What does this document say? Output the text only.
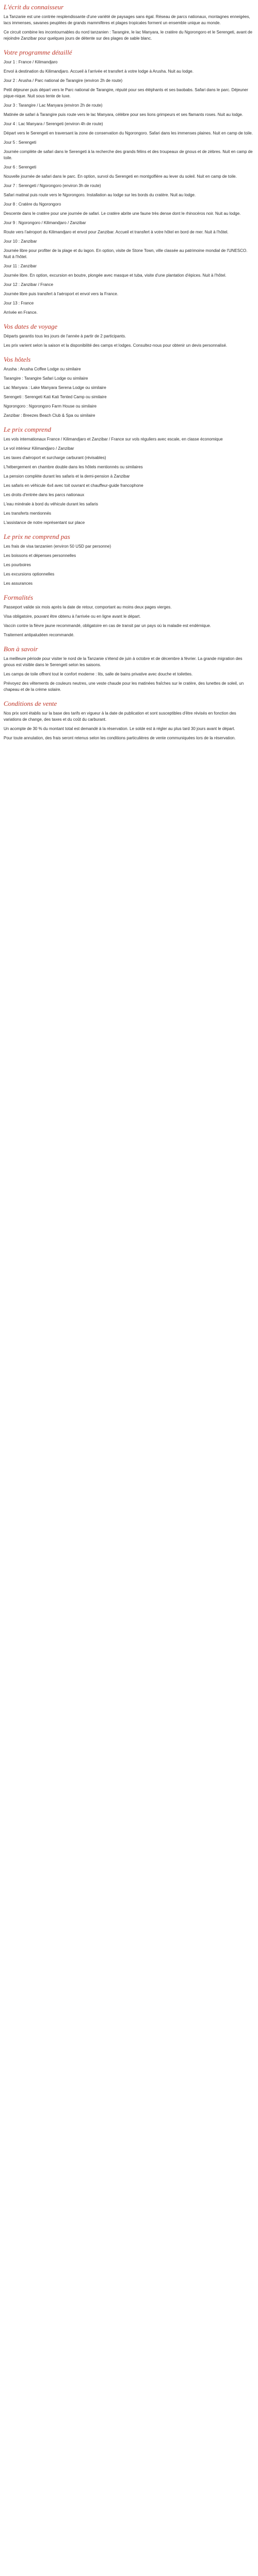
L'écrit du connaisseur
La Tanzanie est une contrée resplendissante d'une variété de paysages sans égal. Réseau de parcs nationaux, montagnes enneigées, lacs immenses, savanes peuplées de grands mammifères et plages tropicales forment un ensemble unique au monde.
Ce circuit combine les incontournables du nord tanzanien : Tarangire, le lac Manyara, le cratère du Ngorongoro et le Serengeti, avant de rejoindre Zanzibar pour quelques jours de détente sur des plages de sable blanc.
Votre programme détaillé
Jour 1 : France / Kilimandjaro
Envol à destination du Kilimandjaro. Accueil à l'arrivée et transfert à votre lodge à Arusha. Nuit au lodge.
Jour 2 : Arusha / Parc national de Tarangire (environ 2h de route)
Petit déjeuner puis départ vers le Parc national de Tarangire, réputé pour ses éléphants et ses baobabs. Safari dans le parc. Déjeuner pique-nique. Nuit sous tente de luxe.
Jour 3 : Tarangire / Lac Manyara (environ 2h de route)
Matinée de safari à Tarangire puis route vers le lac Manyara, célèbre pour ses lions grimpeurs et ses flamants roses. Nuit au lodge.
Jour 4 : Lac Manyara / Serengeti (environ 4h de route)
Départ vers le Serengeti en traversant la zone de conservation du Ngorongoro. Safari dans les immenses plaines. Nuit en camp de toile.
Jour 5 : Serengeti
Journée complète de safari dans le Serengeti à la recherche des grands félins et des troupeaux de gnous et de zèbres. Nuit en camp de toile.
Jour 6 : Serengeti
Nouvelle journée de safari dans le parc. En option, survol du Serengeti en montgolfière au lever du soleil. Nuit en camp de toile.
Jour 7 : Serengeti / Ngorongoro (environ 3h de route)
Safari matinal puis route vers le Ngorongoro. Installation au lodge sur les bords du cratère. Nuit au lodge.
Jour 8 : Cratère du Ngorongoro
Descente dans le cratère pour une journée de safari. Le cratère abrite une faune très dense dont le rhinocéros noir. Nuit au lodge.
Jour 9 : Ngorongoro / Kilimandjaro / Zanzibar
Route vers l'aéroport du Kilimandjaro et envol pour Zanzibar. Accueil et transfert à votre hôtel en bord de mer. Nuit à l'hôtel.
Jour 10 : Zanzibar
Journée libre pour profiter de la plage et du lagon. En option, visite de Stone Town, ville classée au patrimoine mondial de l'UNESCO. Nuit à l'hôtel.
Jour 11 : Zanzibar
Journée libre. En option, excursion en boutre, plongée avec masque et tuba, visite d'une plantation d'épices. Nuit à l'hôtel.
Jour 12 : Zanzibar / France
Journée libre puis transfert à l'aéroport et envol vers la France.
Jour 13 : France
Arrivée en France.
Vos dates de voyage
Départs garantis tous les jours de l'année à partir de 2 participants.
Les prix varient selon la saison et la disponibilité des camps et lodges. Consultez-nous pour obtenir un devis personnalisé.
Vos hôtels
Arusha : Arusha Coffee Lodge ou similaire
Tarangire : Tarangire Safari Lodge ou similaire
Lac Manyara : Lake Manyara Serena Lodge ou similaire
Serengeti : Serengeti Kati Kati Tented Camp ou similaire
Ngorongoro : Ngorongoro Farm House ou similaire
Zanzibar : Breezes Beach Club & Spa ou similaire
Le prix comprend
Les vols internationaux France / Kilimandjaro et Zanzibar / France sur vols réguliers avec escale, en classe économique
Le vol intérieur Kilimandjaro / Zanzibar
Les taxes d'aéroport et surcharge carburant (révisables)
L'hébergement en chambre double dans les hôtels mentionnés ou similaires
La pension complète durant les safaris et la demi-pension à Zanzibar
Les safaris en véhicule 4x4 avec toit ouvrant et chauffeur-guide francophone
Les droits d'entrée dans les parcs nationaux
L'eau minérale à bord du véhicule durant les safaris
Les transferts mentionnés
L'assistance de notre représentant sur place
Le prix ne comprend pas
Les frais de visa tanzanien (environ 50 USD par personne)
Les boissons et dépenses personnelles
Les pourboires
Les excursions optionnelles
Les assurances
Formalités
Passeport valide six mois après la date de retour, comportant au moins deux pages vierges.
Visa obligatoire, pouvant être obtenu à l'arrivée ou en ligne avant le départ.
Vaccin contre la fièvre jaune recommandé, obligatoire en cas de transit par un pays où la maladie est endémique.
Traitement antipaludéen recommandé.
Bon à savoir
La meilleure période pour visiter le nord de la Tanzanie s'étend de juin à octobre et de décembre à février. La grande migration des gnous est visible dans le Serengeti selon les saisons.
Les camps de toile offrent tout le confort moderne : lits, salle de bains privative avec douche et toilettes.
Prévoyez des vêtements de couleurs neutres, une veste chaude pour les matinées fraîches sur le cratère, des lunettes de soleil, un chapeau et de la crème solaire.
Conditions de vente
Nos prix sont établis sur la base des tarifs en vigueur à la date de publication et sont susceptibles d'être révisés en fonction des variations de change, des taxes et du coût du carburant.
Un acompte de 30 % du montant total est demandé à la réservation. Le solde est à régler au plus tard 30 jours avant le départ.
Pour toute annulation, des frais seront retenus selon les conditions particulières de vente communiquées lors de la réservation.
